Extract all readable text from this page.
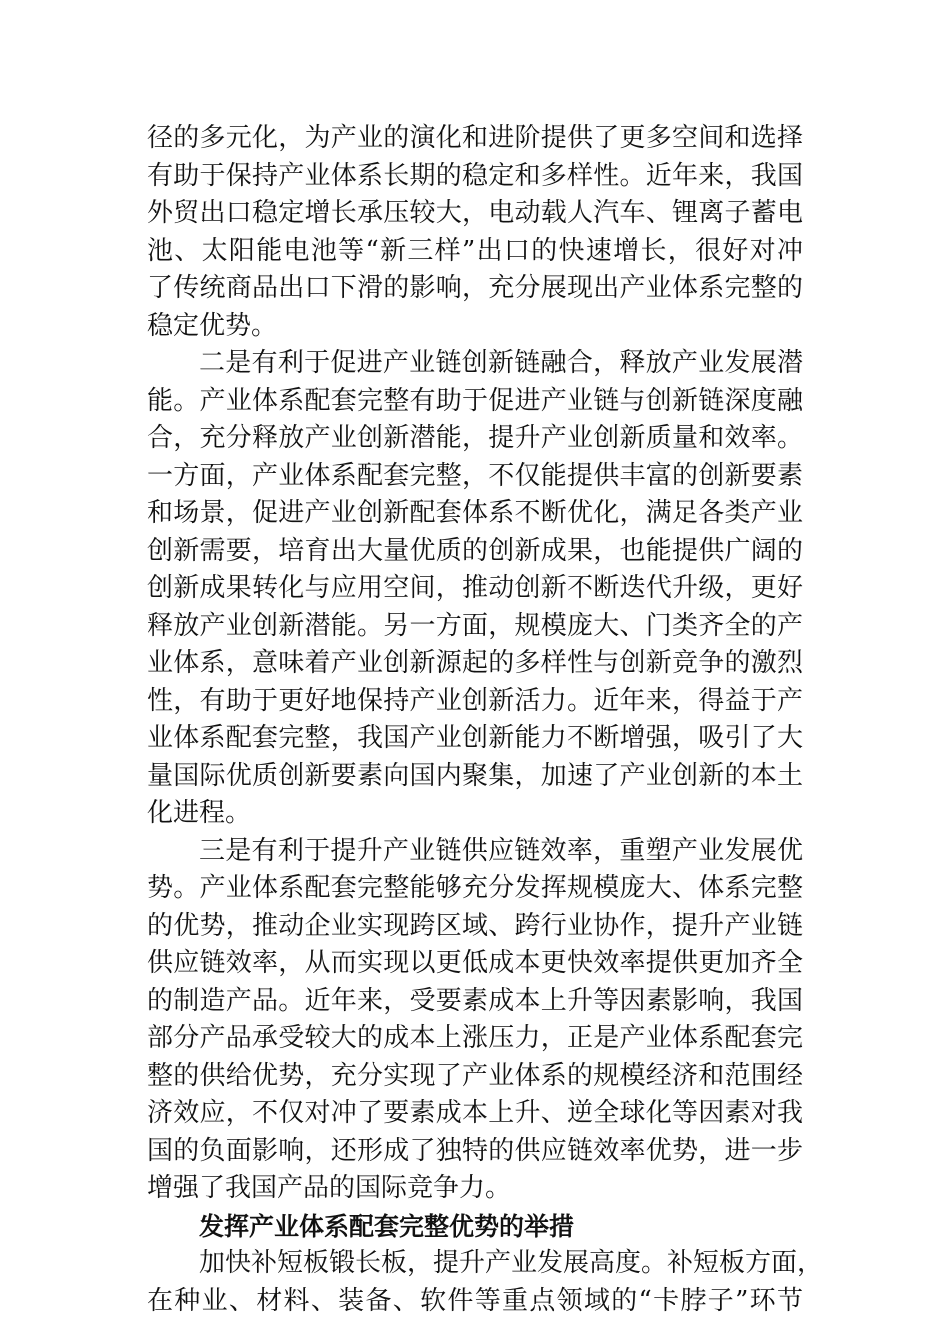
径的多元化，为产业的演化和进阶提供了更多空间和选择
有助于保持产业体系长期的稳定和多样性。近年来，我国
外贸出口稳定增长承压较大，电动载人汽车、锂离子蓄电
池、太阳能电池等“新三样”出口的快速增长，很好对冲
了传统商品出口下滑的影响，充分展现出产业体系完整的
稳定优势。
二是有利于促进产业链创新链融合，释放产业发展潜
能。产业体系配套完整有助于促进产业链与创新链深度融
合，充分释放产业创新潜能，提升产业创新质量和效率。
一方面，产业体系配套完整，不仅能提供丰富的创新要素
和场景，促进产业创新配套体系不断优化，满足各类产业
创新需要，培育出大量优质的创新成果，也能提供广阔的
创新成果转化与应用空间，推动创新不断迭代升级，更好
释放产业创新潜能。另一方面，规模庞大、门类齐全的产
业体系，意味着产业创新源起的多样性与创新竞争的激烈
性，有助于更好地保持产业创新活力。近年来，得益于产
业体系配套完整，我国产业创新能力不断增强，吸引了大
量国际优质创新要素向国内聚集，加速了产业创新的本土
化进程。
三是有利于提升产业链供应链效率，重塑产业发展优
势。产业体系配套完整能够充分发挥规模庞大、体系完整
的优势，推动企业实现跨区域、跨行业协作，提升产业链
供应链效率，从而实现以更低成本更快效率提供更加齐全
的制造产品。近年来，受要素成本上升等因素影响，我国
部分产品承受较大的成本上涨压力，正是产业体系配套完
整的供给优势，充分实现了产业体系的规模经济和范围经
济效应，不仅对冲了要素成本上升、逆全球化等因素对我
国的负面影响，还形成了独特的供应链效率优势，进一步
增强了我国产品的国际竞争力。
发挥产业体系配套完整优势的举措
加快补短板锻长板，提升产业发展高度。补短板方面，
在种业、材料、装备、软件等重点领域的“卡脖子”环节
